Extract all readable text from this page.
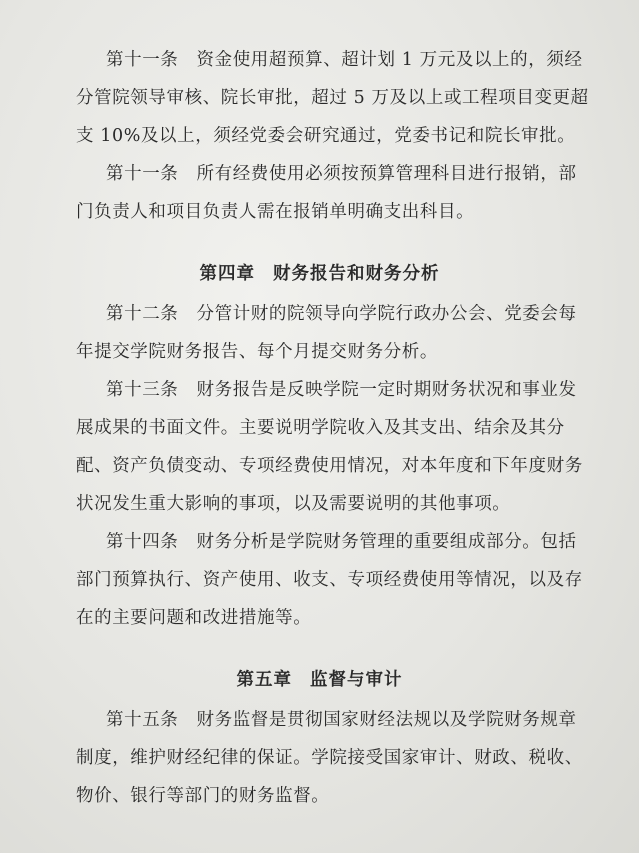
第十一条　资金使用超预算、超计划 1 万元及以上的，须经
分管院领导审核、院长审批，超过 5 万及以上或工程项目变更超
支 10%及以上，须经党委会研究通过，党委书记和院长审批。
第十一条　所有经费使用必须按预算管理科目进行报销，部
门负责人和项目负责人需在报销单明确支出科目。
第四章 财务报告和财务分析
第十二条　分管计财的院领导向学院行政办公会、党委会每
年提交学院财务报告、每个月提交财务分析。
第十三条　财务报告是反映学院一定时期财务状况和事业发
展成果的书面文件。主要说明学院收入及其支出、结余及其分
配、资产负债变动、专项经费使用情况，对本年度和下年度财务
状况发生重大影响的事项，以及需要说明的其他事项。
第十四条　财务分析是学院财务管理的重要组成部分。包括
部门预算执行、资产使用、收支、专项经费使用等情况，以及存
在的主要问题和改进措施等。
第五章 监督与审计
第十五条　财务监督是贯彻国家财经法规以及学院财务规章
制度，维护财经纪律的保证。学院接受国家审计、财政、税收、
物价、银行等部门的财务监督。
